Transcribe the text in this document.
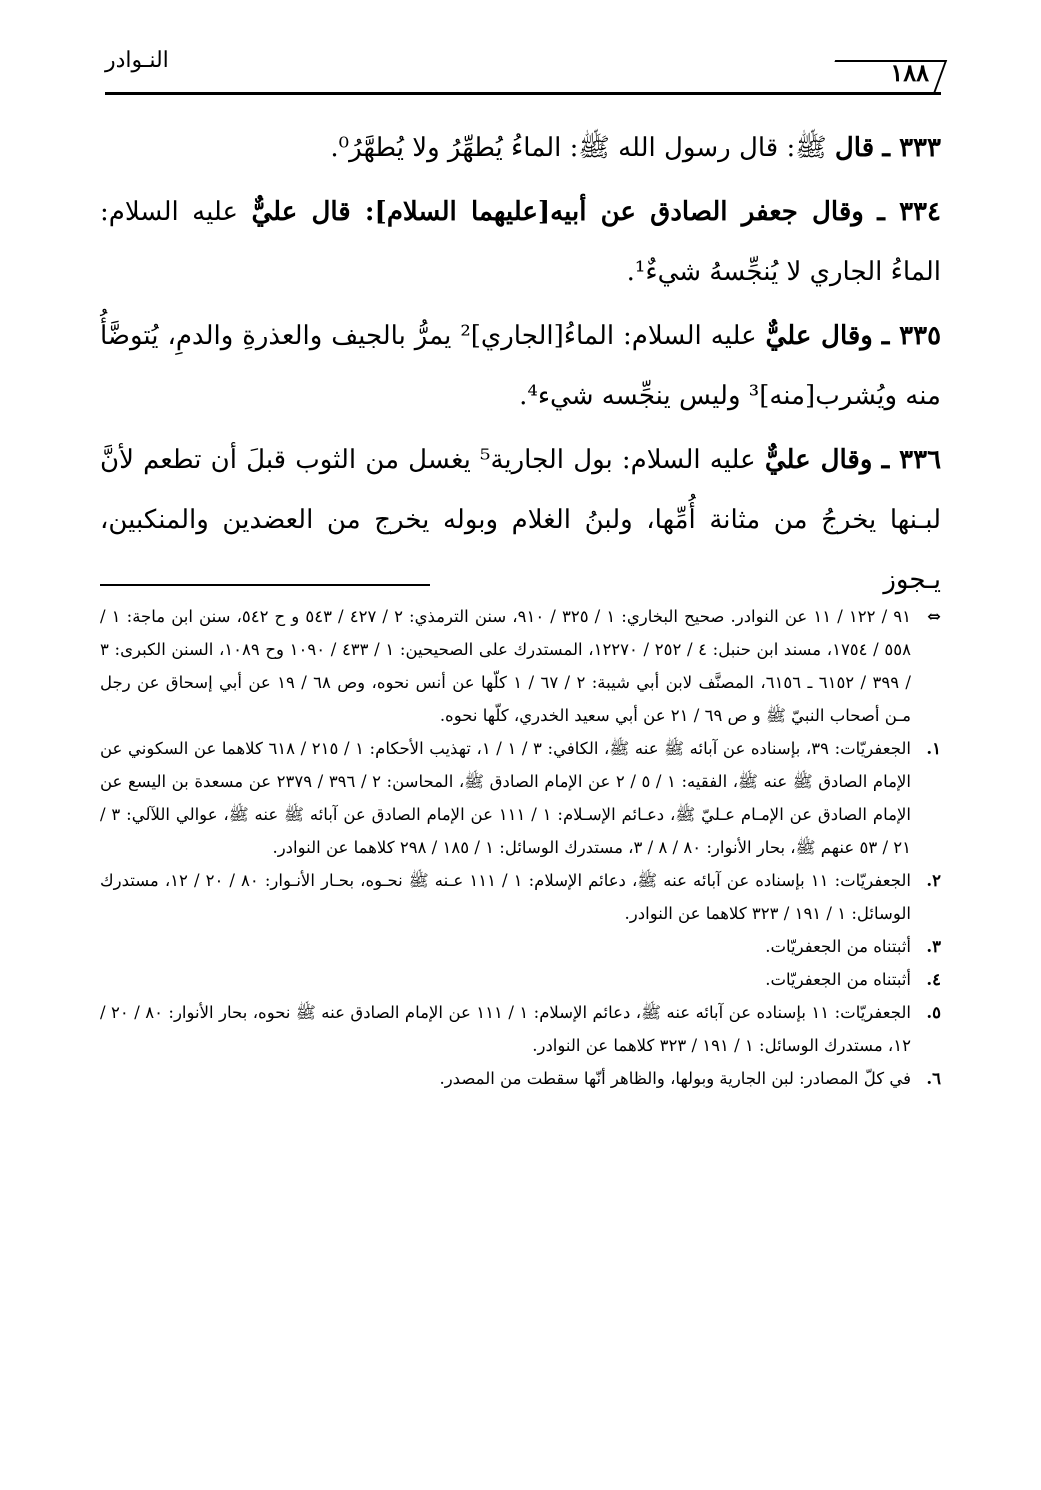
١٨٨
النـوادر

٣٣٣ ـ قال ﷺ: قال رسول الله ﷺ: الماءُ يُطهِّرُ ولا يُطهَّرُ⁰.

٣٣٤ ـ وقال جعفر الصادق عن أبيه[عليهما السلام]: قال عليٌّ عليه السلام: الماءُ الجاري لا يُنجِّسهُ شيءٌ¹.

٣٣٥ ـ وقال عليٌّ عليه السلام: الماءُ[الجاري]² يمرُّ بالجيف والعذرةِ والدمِ، يُتوضَّأُ منه ويُشرب[منه]³ وليس ينجِّسه شيء⁴.

٣٣٦ ـ وقال عليٌّ عليه السلام: بول الجارية⁵ يغسل من الثوب قبلَ أن تطعم لأنَّ لبـنها يخرجُ من مثانة أُمِّها، ولبنُ الغلام وبوله يخرج من العضدين والمنكبين، يـجوز

⇔
٩١ / ١٢٢ / ١١ عن النوادر. صحيح البخاري: ١ / ٣٢٥ / ٩١٠، سنن الترمذي: ٢ / ٤٢٧ / ٥٤٣ و ح ٥٤٢، سنن ابن ماجة: ١ / ٥٥٨ / ١٧٥٤، مسند ابن حنبل: ٤ / ٢٥٢ / ١٢٢٧٠، المستدرك على الصحيحين: ١ / ٤٣٣ / ١٠٩٠ وح ١٠٨٩، السنن الكبرى: ٣ / ٣٩٩ / ٦١٥٢ ـ ٦١٥٦، المصنَّف لابن أبي شيبة: ٢ / ٦٧ / ١ كلّها عن أنس نحوه، وص ٦٨ / ١٩ عن أبي إسحاق عن رجل مـن أصحاب النبيّ ﷺ و ص ٦٩ / ٢١ عن أبي سعيد الخدري، كلّها نحوه.
١.
الجعفريّات: ٣٩، بإسناده عن آبائه ﷺ عنه ﷺ، الكافي: ٣ / ١ / ١، تهذيب الأحكام: ١ / ٢١٥ / ٦١٨ كلاهما عن السكوني عن الإمام الصادق ﷺ عنه ﷺ، الفقيه: ١ / ٥ / ٢ عن الإمام الصادق ﷺ، المحاسن: ٢ / ٣٩٦ / ٢٣٧٩ عن مسعدة بن اليسع عن الإمام الصادق عن الإمـام عـليّ ﷺ، دعـائم الإسـلام: ١ / ١١١ عن الإمام الصادق عن آبائه ﷺ عنه ﷺ، عوالي اللآلي: ٣ / ٢١ / ٥٣ عنهم ﷺ، بحار الأنوار: ٨٠ / ٨ / ٣، مستدرك الوسائل: ١ / ١٨٥ / ٢٩٨ كلاهما عن النوادر.
٢.
الجعفريّات: ١١ بإسناده عن آبائه عنه ﷺ، دعائم الإسلام: ١ / ١١١ عـنه ﷺ نحـوه، بحـار الأنـوار: ٨٠ / ٢٠ / ١٢، مستدرك الوسائل: ١ / ١٩١ / ٣٢٣ كلاهما عن النوادر.
٣.
أثبتناه من الجعفريّات.
٤.
أثبتناه من الجعفريّات.
٥.
الجعفريّات: ١١ بإسناده عن آبائه عنه ﷺ، دعائم الإسلام: ١ / ١١١ عن الإمام الصادق عنه ﷺ نحوه، بحار الأنوار: ٨٠ / ٢٠ / ١٢، مستدرك الوسائل: ١ / ١٩١ / ٣٢٣ كلاهما عن النوادر.
٦.
في كلّ المصادر: لبن الجارية وبولها، والظاهر أنّها سقطت من المصدر.
